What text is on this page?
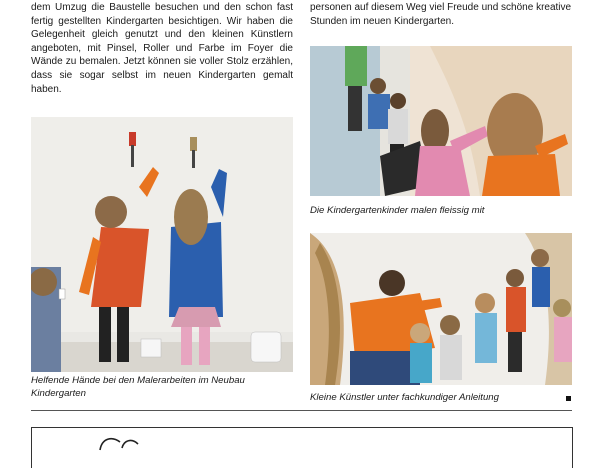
dem Umzug die Baustelle besuchen und den schon fast fertig gestellten Kindergarten besichtigen. Wir haben die Gelegenheit gleich genutzt und den kleinen Künstlern angeboten, mit Pinsel, Roller und Farbe im Foyer die Wände zu bemalen. Jetzt können sie voller Stolz erzählen, dass sie sogar selbst im neuen Kindergarten gemalt haben.

personen auf diesem Weg viel Freude und schöne kreative Stunden im neuen Kindergarten.

Helfende Hände bei den Malerarbeiten im Neubau Kindergarten

Die Kindergartenkinder malen fleissig mit

Kleine Künstler unter fachkundiger Anleitung
